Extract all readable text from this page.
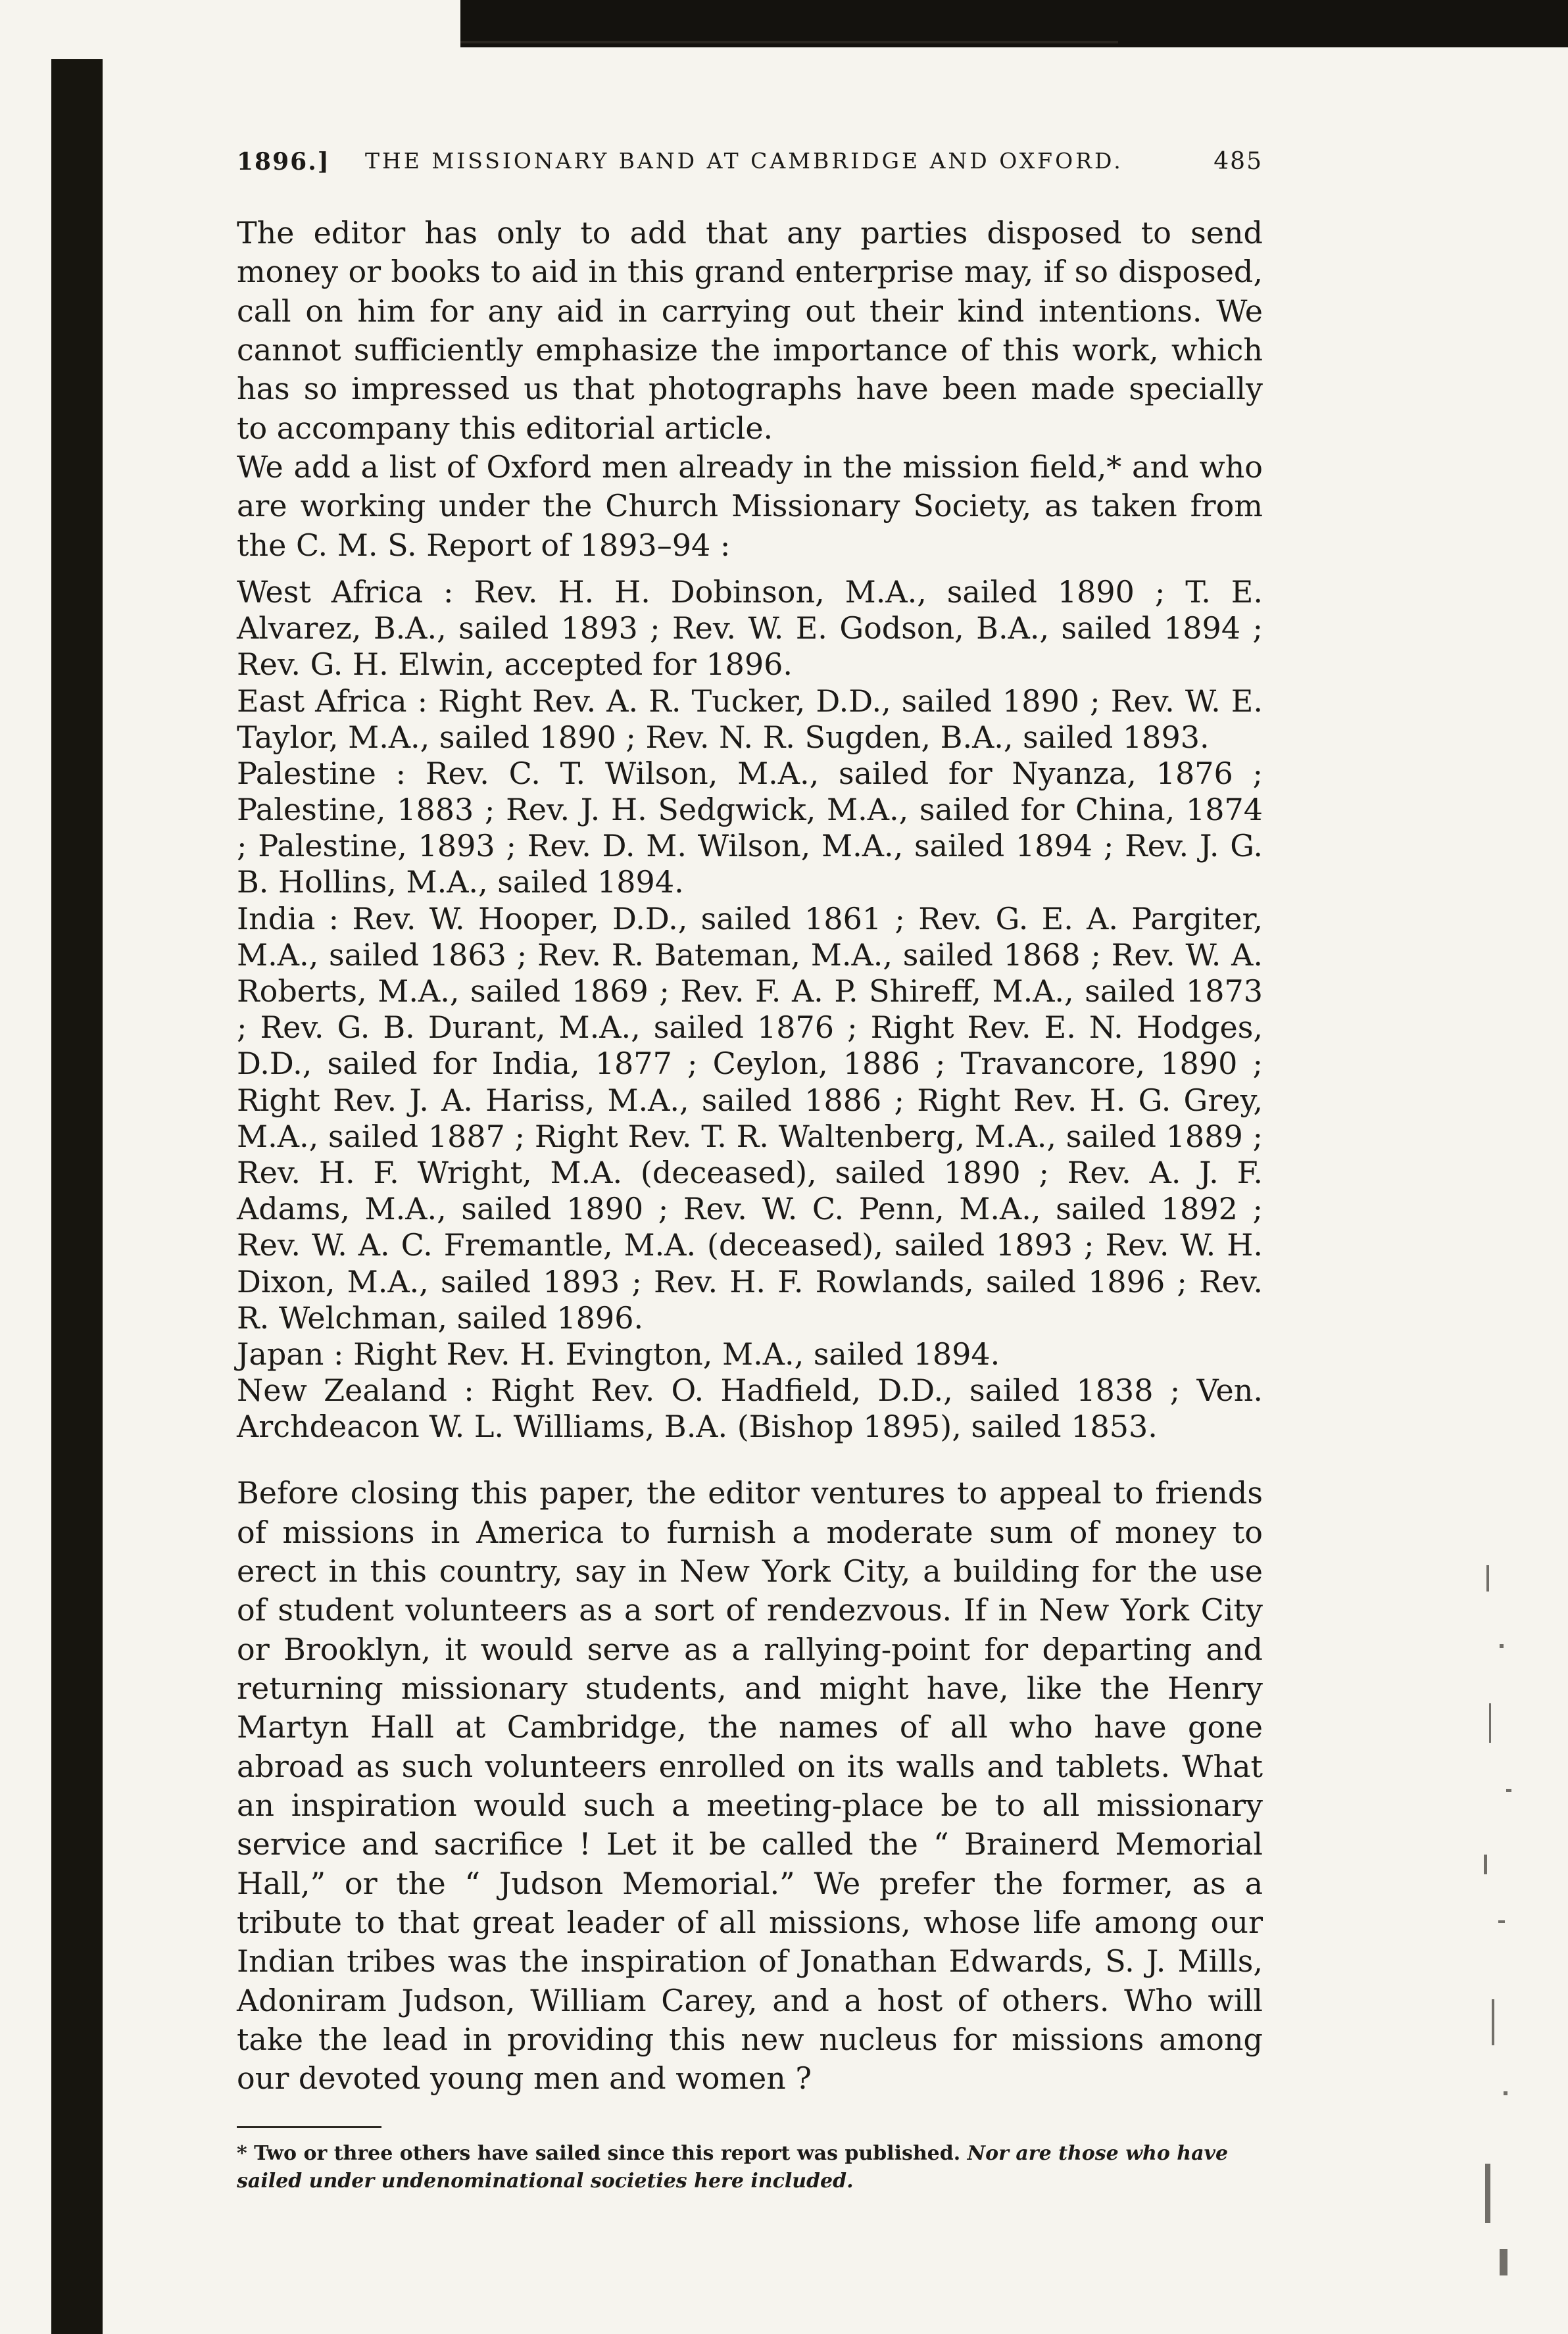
1896.] THE MISSIONARY BAND AT CAMBRIDGE AND OXFORD.	485

The editor has only to add that any parties disposed to send money or books to aid in this grand enterprise may, if so disposed, call on him for any aid in carrying out their kind intentions. We cannot sufficiently emphasize the importance of this work, which has so impressed us that photographs have been made specially to accompany this editorial article.

We add a list of Oxford men already in the mission field,* and who are working under the Church Missionary Society, as taken from the C. M. S. Report of 1893–94 :

West Africa : Rev. H. H. Dobinson, M.A., sailed 1890 ; T. E. Alvarez, B.A., sailed 1893 ; Rev. W. E. Godson, B.A., sailed 1894 ; Rev. G. H. Elwin, accepted for 1896.

East Africa : Right Rev. A. R. Tucker, D.D., sailed 1890 ; Rev. W. E. Taylor, M.A., sailed 1890 ; Rev. N. R. Sugden, B.A., sailed 1893.

Palestine : Rev. C. T. Wilson, M.A., sailed for Nyanza, 1876 ; Palestine, 1883 ; Rev. J. H. Sedgwick, M.A., sailed for China, 1874 ; Palestine, 1893 ; Rev. D. M. Wilson, M.A., sailed 1894 ; Rev. J. G. B. Hollins, M.A., sailed 1894.

India : Rev. W. Hooper, D.D., sailed 1861 ; Rev. G. E. A. Pargiter, M.A., sailed 1863 ; Rev. R. Bateman, M.A., sailed 1868 ; Rev. W. A. Roberts, M.A., sailed 1869 ; Rev. F. A. P. Shireff, M.A., sailed 1873 ; Rev. G. B. Durant, M.A., sailed 1876 ; Right Rev. E. N. Hodges, D.D., sailed for India, 1877 ; Ceylon, 1886 ; Travancore, 1890 ; Right Rev. J. A. Hariss, M.A., sailed 1886 ; Right Rev. H. G. Grey, M.A., sailed 1887 ; Right Rev. T. R. Waltenberg, M.A., sailed 1889 ; Rev. H. F. Wright, M.A. (deceased), sailed 1890 ; Rev. A. J. F. Adams, M.A., sailed 1890 ; Rev. W. C. Penn, M.A., sailed 1892 ; Rev. W. A. C. Fremantle, M.A. (deceased), sailed 1893 ; Rev. W. H. Dixon, M.A., sailed 1893 ; Rev. H. F. Rowlands, sailed 1896 ; Rev. R. Welchman, sailed 1896.

Japan : Right Rev. H. Evington, M.A., sailed 1894.

New Zealand : Right Rev. O. Hadfield, D.D., sailed 1838 ; Ven. Archdeacon W. L. Williams, B.A. (Bishop 1895), sailed 1853.

Before closing this paper, the editor ventures to appeal to friends of missions in America to furnish a moderate sum of money to erect in this country, say in New York City, a building for the use of student volunteers as a sort of rendezvous. If in New York City or Brooklyn, it would serve as a rallying-point for departing and returning missionary students, and might have, like the Henry Martyn Hall at Cambridge, the names of all who have gone abroad as such volunteers enrolled on its walls and tablets. What an inspiration would such a meeting-place be to all missionary service and sacrifice ! Let it be called the “ Brainerd Memorial Hall,” or the “ Judson Memorial.” We prefer the former, as a tribute to that great leader of all missions, whose life among our Indian tribes was the inspiration of Jonathan Edwards, S. J. Mills, Adoniram Judson, William Carey, and a host of others. Who will take the lead in providing this new nucleus for missions among our devoted young men and women ?

* Two or three others have sailed since this report was published. Nor are those who have sailed under undenominational societies here included.
